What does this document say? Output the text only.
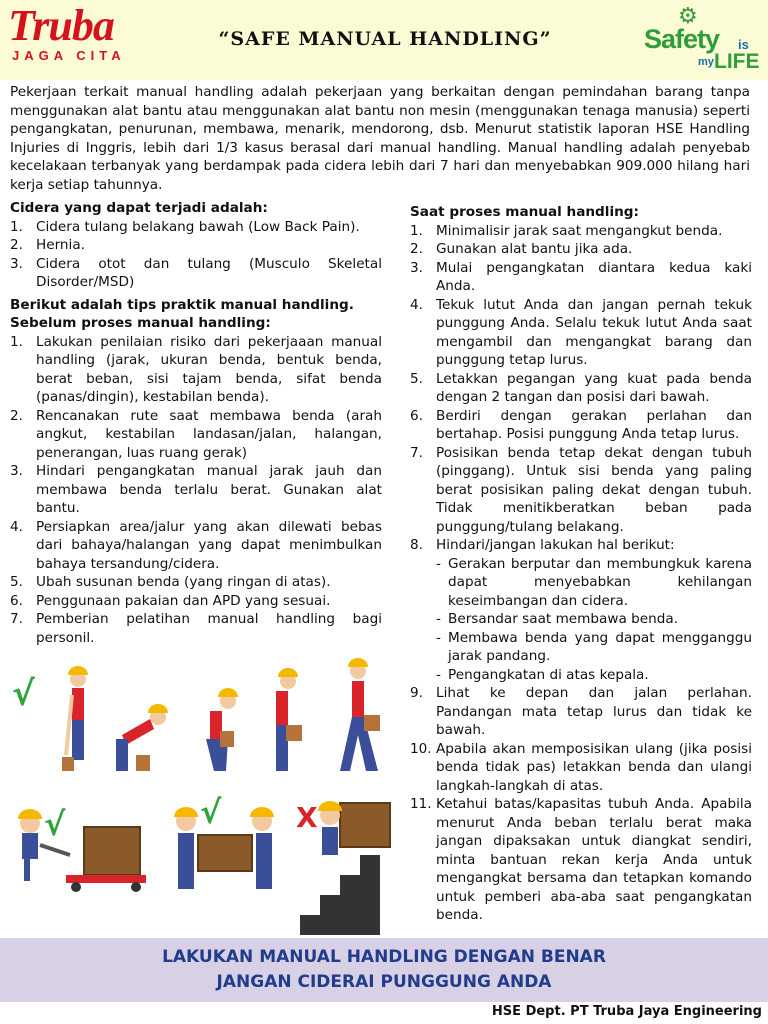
Truba
JAGA CITA
“SAFE MANUAL HANDLING”
⚙
Safety is
my LIFE

Pekerjaan terkait manual handling adalah pekerjaan yang berkaitan dengan pemindahan barang tanpa menggunakan alat bantu atau menggunakan alat bantu non mesin (menggunakan tenaga manusia) seperti pengangkatan, penurunan, membawa, menarik, mendorong, dsb. Menurut statistik laporan HSE Handling Injuries di Inggris, lebih dari 1/3 kasus berasal dari manual handling. Manual handling adalah penyebab kecelakaan terbanyak yang berdampak pada cidera lebih dari 7 hari dan menyebabkan 909.000 hilang hari kerja setiap tahunnya.

Cidera yang dapat terjadi adalah:

1. Cidera tulang belakang bawah (Low Back Pain).
2. Hernia.
3. Cidera otot dan tulang (Musculo Skeletal Disorder/MSD)

Berikut adalah tips praktik manual handling.

Sebelum proses manual handling:

1. Lakukan penilaian risiko dari pekerjaaan manual handling (jarak, ukuran benda, bentuk benda, berat beban, sisi tajam benda, sifat benda (panas/dingin), kestabilan benda).
2. Rencanakan rute saat membawa benda (arah angkut, kestabilan landasan/jalan, halangan, penerangan, luas ruang gerak)
3. Hindari pengangkatan manual jarak jauh dan membawa benda terlalu berat. Gunakan alat bantu.
4. Persiapkan area/jalur yang akan dilewati bebas dari bahaya/halangan yang dapat menimbulkan bahaya tersandung/cidera.
5. Ubah susunan benda (yang ringan di atas).
6. Penggunaan pakaian dan APD yang sesuai.
7. Pemberian pelatihan manual handling bagi personil.

Saat proses manual handling:

1. Minimalisir jarak saat mengangkut benda.
2. Gunakan alat bantu jika ada.
3. Mulai pengangkatan diantara kedua kaki Anda.
4. Tekuk lutut Anda dan jangan pernah tekuk punggung Anda. Selalu tekuk lutut Anda saat mengambil dan mengangkat barang dan punggung tetap lurus.
5. Letakkan pegangan yang kuat pada benda dengan 2 tangan dan posisi dari bawah.
6. Berdiri dengan gerakan perlahan dan bertahap. Posisi punggung Anda tetap lurus.
7. Posisikan benda tetap dekat dengan tubuh (pinggang). Untuk sisi benda yang paling berat posisikan paling dekat dengan tubuh. Tidak menitikberatkan beban pada punggung/tulang belakang.
8. Hindari/jangan lakukan hal berikut:
- Gerakan berputar dan membungkuk karena dapat menyebabkan kehilangan keseimbangan dan cidera.
- Bersandar saat membawa benda.
- Membawa benda yang dapat mengganggu jarak pandang.
- Pengangkatan di atas kepala.
9. Lihat ke depan dan jalan perlahan. Pandangan mata tetap lurus dan tidak ke bawah.
10. Apabila akan memposisikan ulang (jika posisi benda tidak pas) letakkan benda dan ulangi langkah-langkah di atas.
11. Ketahui batas/kapasitas tubuh Anda. Apabila menurut Anda beban terlalu berat maka jangan dipaksakan untuk diangkat sendiri, minta bantuan rekan kerja Anda untuk mengangkat bersama dan tetapkan komando untuk pemberi aba-aba saat pengangkatan benda.
√
√	√	X
LAKUKAN MANUAL HANDLING DENGAN BENAR
JANGAN CIDERAI PUNGGUNG ANDA
HSE Dept. PT Truba Jaya Engineering
